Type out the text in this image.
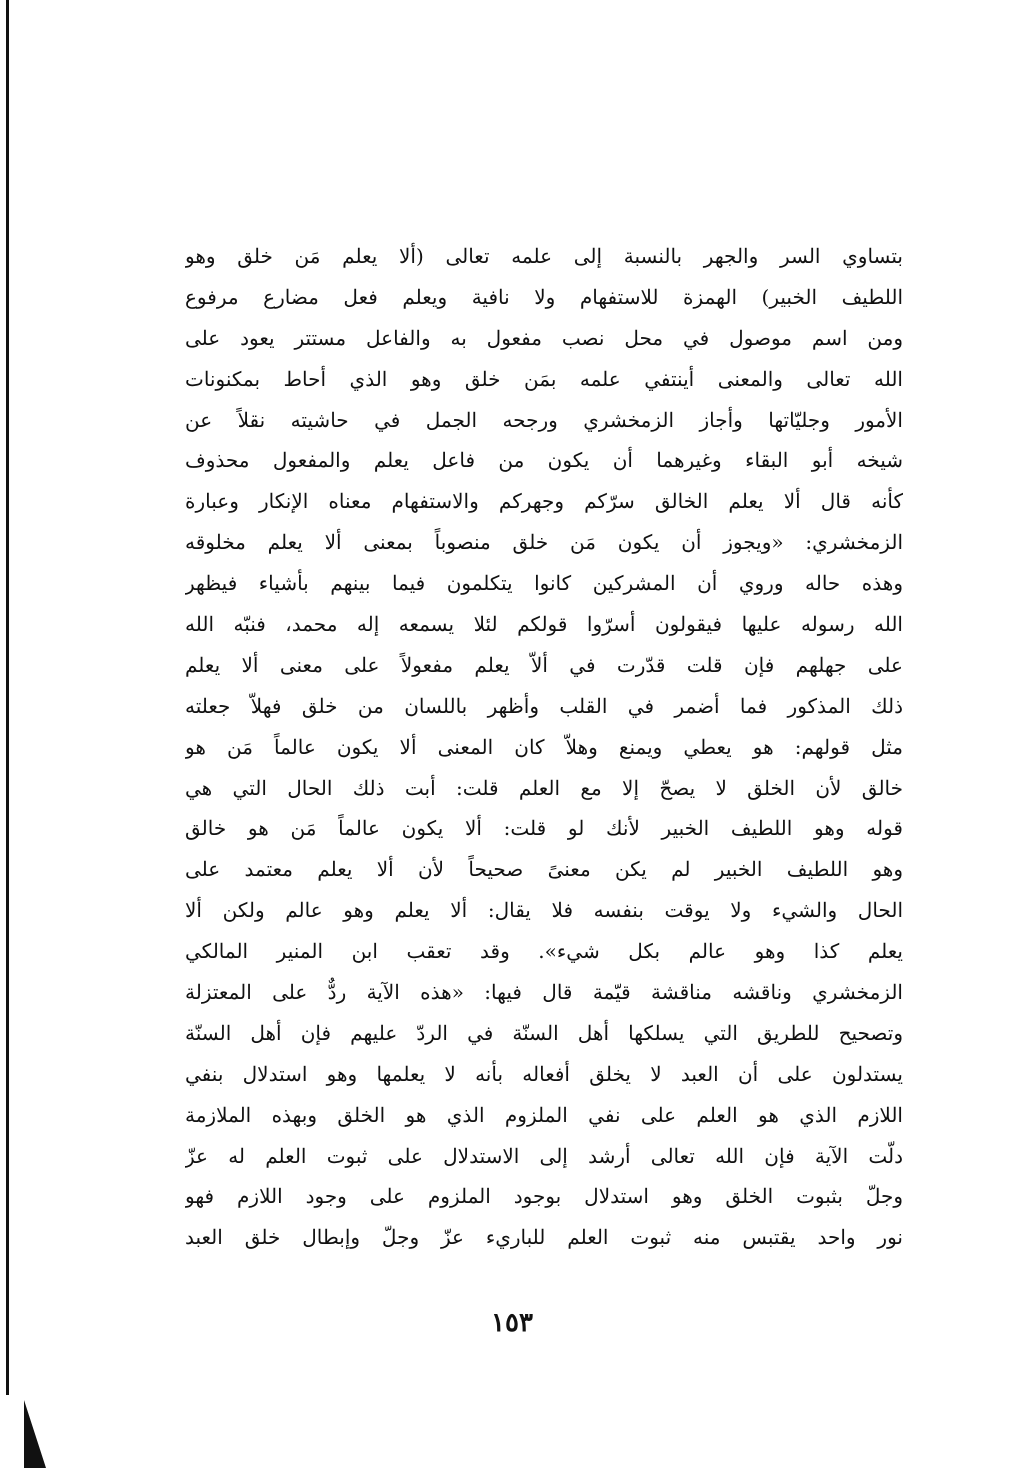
بتساوي السر والجهر بالنسبة إلى علمه تعالى (ألا يعلم مَن خلق وهو
اللطيف الخبير) الهمزة للاستفهام ولا نافية ويعلم فعل مضارع مرفوع
ومن اسم موصول في محل نصب مفعول به والفاعل مستتر يعود على
الله تعالى والمعنى أينتفي علمه بمَن خلق وهو الذي أحاط بمكنونات
الأمور وجليّاتها وأجاز الزمخشري ورجحه الجمل في حاشيته نقلاً عن
شيخه أبو البقاء وغيرهما أن يكون من فاعل يعلم والمفعول محذوف
كأنه قال ألا يعلم الخالق سرّكم وجهركم والاستفهام معناه الإنكار وعبارة
الزمخشري: «ويجوز أن يكون مَن خلق منصوباً بمعنى ألا يعلم مخلوقه
وهذه حاله وروي أن المشركين كانوا يتكلمون فيما بينهم بأشياء فيظهر
الله رسوله عليها فيقولون أسرّوا قولكم لئلا يسمعه إله محمد، فنبّه الله
على جهلهم فإن قلت قدّرت في ألاّ يعلم مفعولاً على معنى ألا يعلم
ذلك المذكور فما أضمر في القلب وأظهر باللسان من خلق فهلاّ جعلته
مثل قولهم: هو يعطي ويمنع وهلاّ كان المعنى ألا يكون عالماً مَن هو
خالق لأن الخلق لا يصحّ إلا مع العلم قلت: أبت ذلك الحال التي هي
قوله وهو اللطيف الخبير لأنك لو قلت: ألا يكون عالماً مَن هو خالق
وهو اللطيف الخبير لم يكن معنىً صحيحاً لأن ألا يعلم معتمد على
الحال والشيء ولا يوقت بنفسه فلا يقال: ألا يعلم وهو عالم ولكن ألا
يعلم كذا وهو عالم بكل شيء». وقد تعقب ابن المنير المالكي
الزمخشري وناقشه مناقشة قيّمة قال فيها: «هذه الآية ردٌّ على المعتزلة
وتصحيح للطريق التي يسلكها أهل السنّة في الردّ عليهم فإن أهل السنّة
يستدلون على أن العبد لا يخلق أفعاله بأنه لا يعلمها وهو استدلال بنفي
اللازم الذي هو العلم على نفي الملزوم الذي هو الخلق وبهذه الملازمة
دلّت الآية فإن الله تعالى أرشد إلى الاستدلال على ثبوت العلم له عزّ
وجلّ بثبوت الخلق وهو استدلال بوجود الملزوم على وجود اللازم فهو
نور واحد يقتبس منه ثبوت العلم للباريء عزّ وجلّ وإبطال خلق العبد
١٥٣
